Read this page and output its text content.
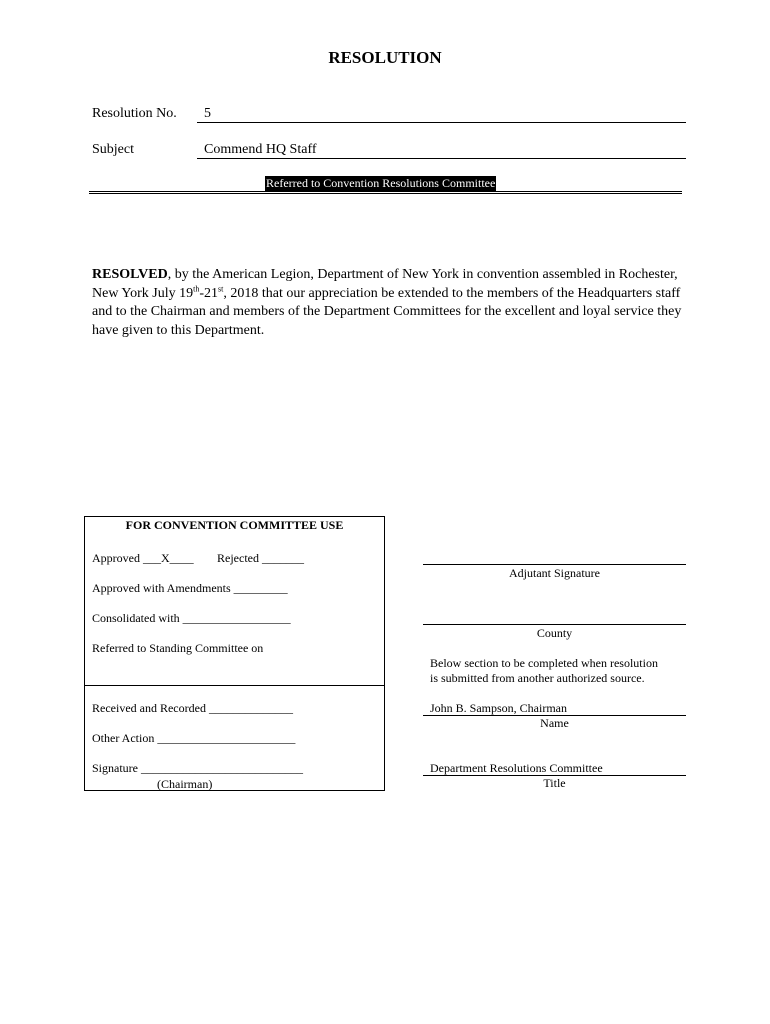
RESOLUTION
Resolution No. 5
Subject	Commend HQ Staff
Referred to Convention Resolutions Committee
RESOLVED, by the American Legion, Department of New York in convention assembled in Rochester, New York July 19th-21st, 2018 that our appreciation be extended to the members of the Headquarters staff and to the Chairman and members of the Department Committees for the excellent and loyal service they have given to this Department.
FOR CONVENTION COMMITTEE USE
Approved ___X____ Rejected _______
Approved with Amendments _________
Consolidated with __________________
Referred to Standing Committee on
Received and Recorded ______________
Other Action _______________________
Signature ___________________________
(Chairman)
Adjutant Signature
County
Below section to be completed when resolution
is submitted from another authorized source.
John B. Sampson, Chairman
Name
Department Resolutions Committee
Title
